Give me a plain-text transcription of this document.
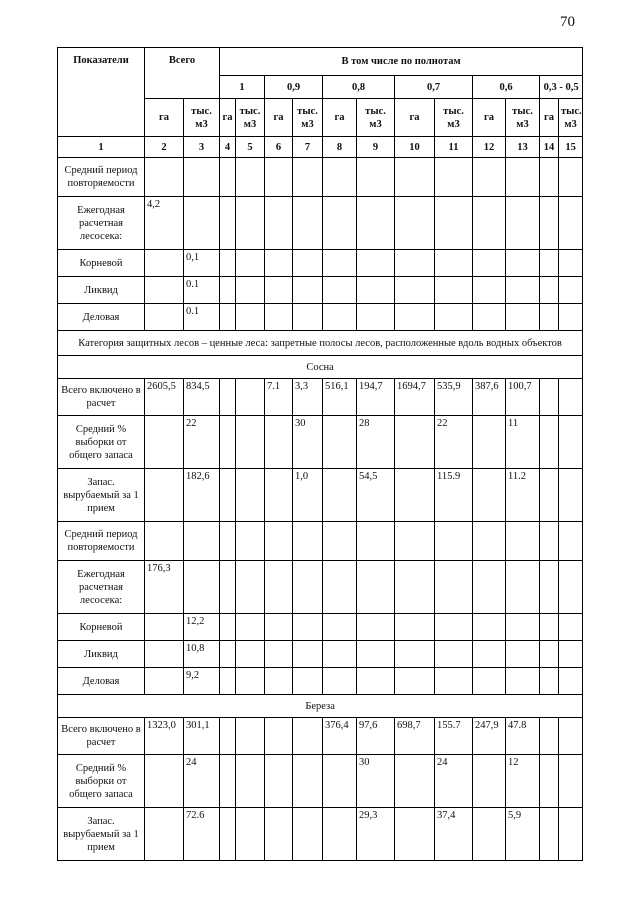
70
Показатели	Всего		В том числе по полнотам											
			1		0,9		0,8		0,7		0,6		0,3 - 0,5	
	га	тыс. м3	га	тыс. м3	га	тыс. м3	га	тыс. м3	га	тыс. м3	га	тыс. м3	га	тыс. м3
1	2	3	4	5	6	7	8	9	10	11	12	13	14	15
Средний период повторяемости														
Ежегодная расчетная лесосека:	4,2													
Корневой		0,1												
Ликвид		0.1												
Деловая		0.1												
Категория защитных лесов – ценные леса: запретные полосы лесов, расположенные вдоль водных объектов														
Сосна														
Всего включено в расчет	2605,5	834,5			7.1	3,3	516,1	194,7	1694,7	535,9	387,6	100,7		
Средний % выборки от общего запаса		22				30		28		22		11		
Запас. вырубаемый за 1 прием		182,6				1,0		54,5		115.9		11.2		
Средний период повторяемости														
Ежегодная расчетная лесосека:	176,3													
Корневой		12,2												
Ликвид		10,8												
Деловая		9,2												
Береза														
Всего включено в расчет	1323,0	301,1					376,4	97,6	698,7	155.7	247,9	47.8		
Средний % выборки от общего запаса		24						30		24		12		
Запас. вырубаемый за 1 прием		72.6						29,3		37,4		5,9		
